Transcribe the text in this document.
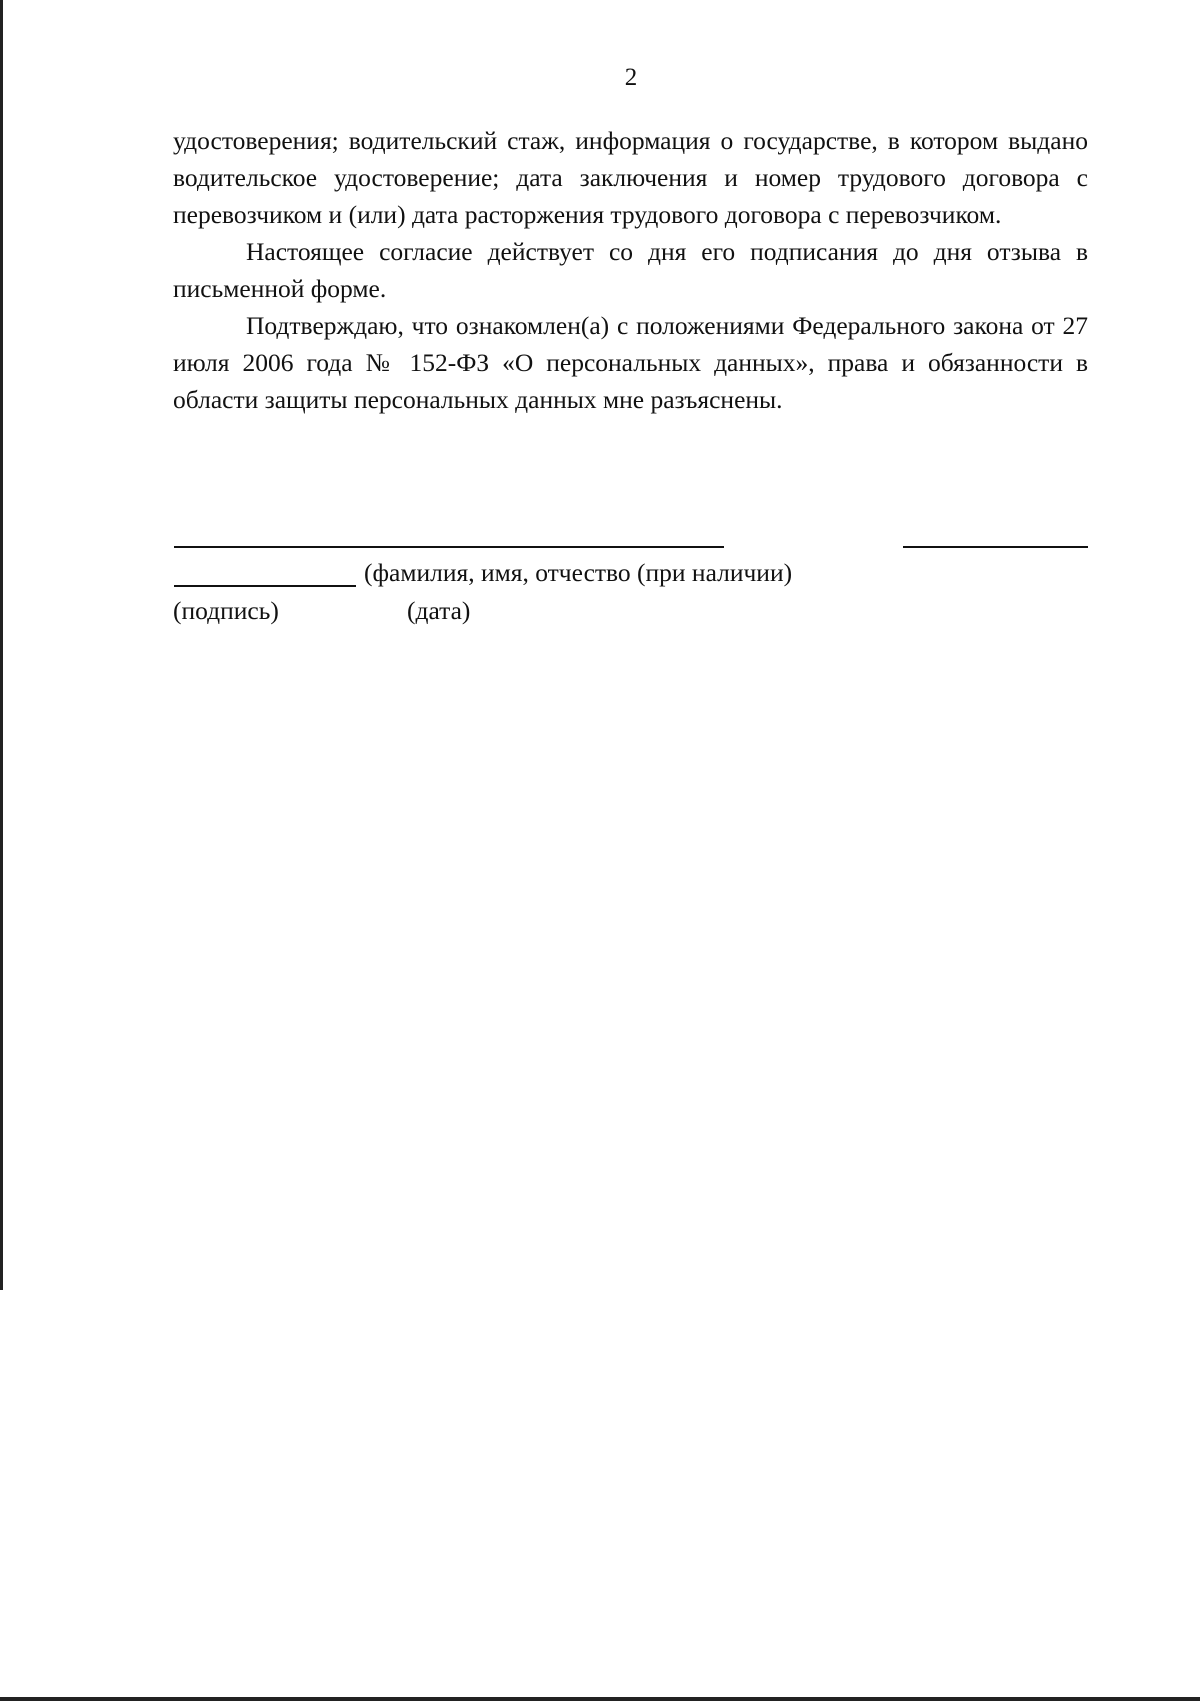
2

удостоверения; водительский стаж, информация о государстве, в котором выдано водительское удостоверение; дата заключения и номер трудового договора с перевозчиком и (или) дата расторжения трудового договора с перевозчиком.

Настоящее согласие действует со дня его подписания до дня отзыва в письменной форме.

Подтверждаю, что ознакомлен(а) с положениями Федерального закона от 27 июля 2006 года № 152-ФЗ «О персональных данных», права и обязанности в области защиты персональных данных мне разъяснены.

(фамилия, имя, отчество (при наличии)
(подпись)	(дата)
